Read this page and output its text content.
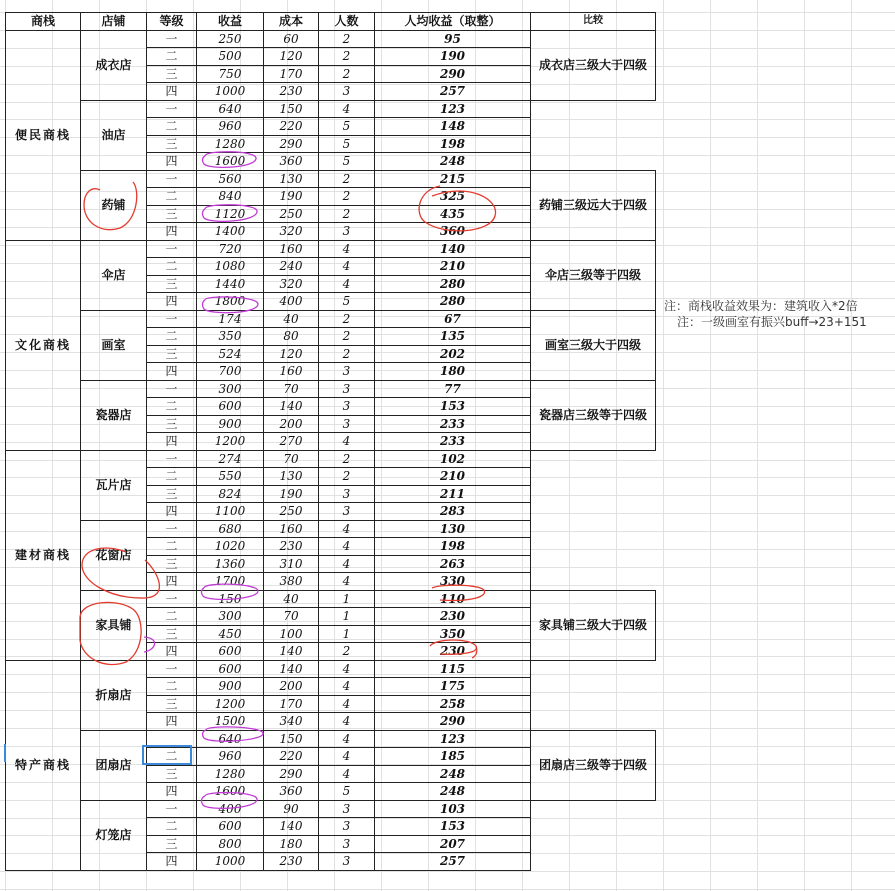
商栈	店铺	等级	收益	成本	人数	人均收益（取整）	比较
便民商栈	成衣店	一	250	60	2	95	成衣店三级大于四级
		二	500	120	2	190	
		三	750	170	2	290	
		四	1000	230	3	257	
	油店	一	640	150	4	123	
		二	960	220	5	148	
		三	1280	290	5	198	
		四	1600	360	5	248	
	药铺	一	560	130	2	215	药铺三级远大于四级
		二	840	190	2	325	
		三	1120	250	2	435	
		四	1400	320	3	360	
文化商栈	伞店	一	720	160	4	140	伞店三级等于四级
		二	1080	240	4	210	
		三	1440	320	4	280	
		四	1800	400	5	280	
	画室	一	174	40	2	67	画室三级大于四级
		二	350	80	2	135	
		三	524	120	2	202	
		四	700	160	3	180	
	瓷器店	一	300	70	3	77	瓷器店三级等于四级
		二	600	140	3	153	
		三	900	200	3	233	
		四	1200	270	4	233	
建材商栈	瓦片店	一	274	70	2	102	
		二	550	130	2	210	
		三	824	190	3	211	
		四	1100	250	3	283	
	花窗店	一	680	160	4	130	
		二	1020	230	4	198	
		三	1360	310	4	263	
		四	1700	380	4	330	
	家具铺	一	150	40	1	110	家具铺三级大于四级
		二	300	70	1	230	
		三	450	100	1	350	
		四	600	140	2	230	
特产商栈	折扇店	一	600	140	4	115	
		二	900	200	4	175	
		三	1200	170	4	258	
		四	1500	340	4	290	
	团扇店		640	150	4	123	团扇店三级等于四级
		二	960	220	4	185	
		三	1280	290	4	248	
		四	1600	360	5	248	
	灯笼店	一	400	90	3	103	
		二	600	140	3	153	
		三	800	180	3	207	
		四	1000	230	3	257	
注：商栈收益效果为：建筑收入*2倍
注：一级画室有振兴buff→23+151
